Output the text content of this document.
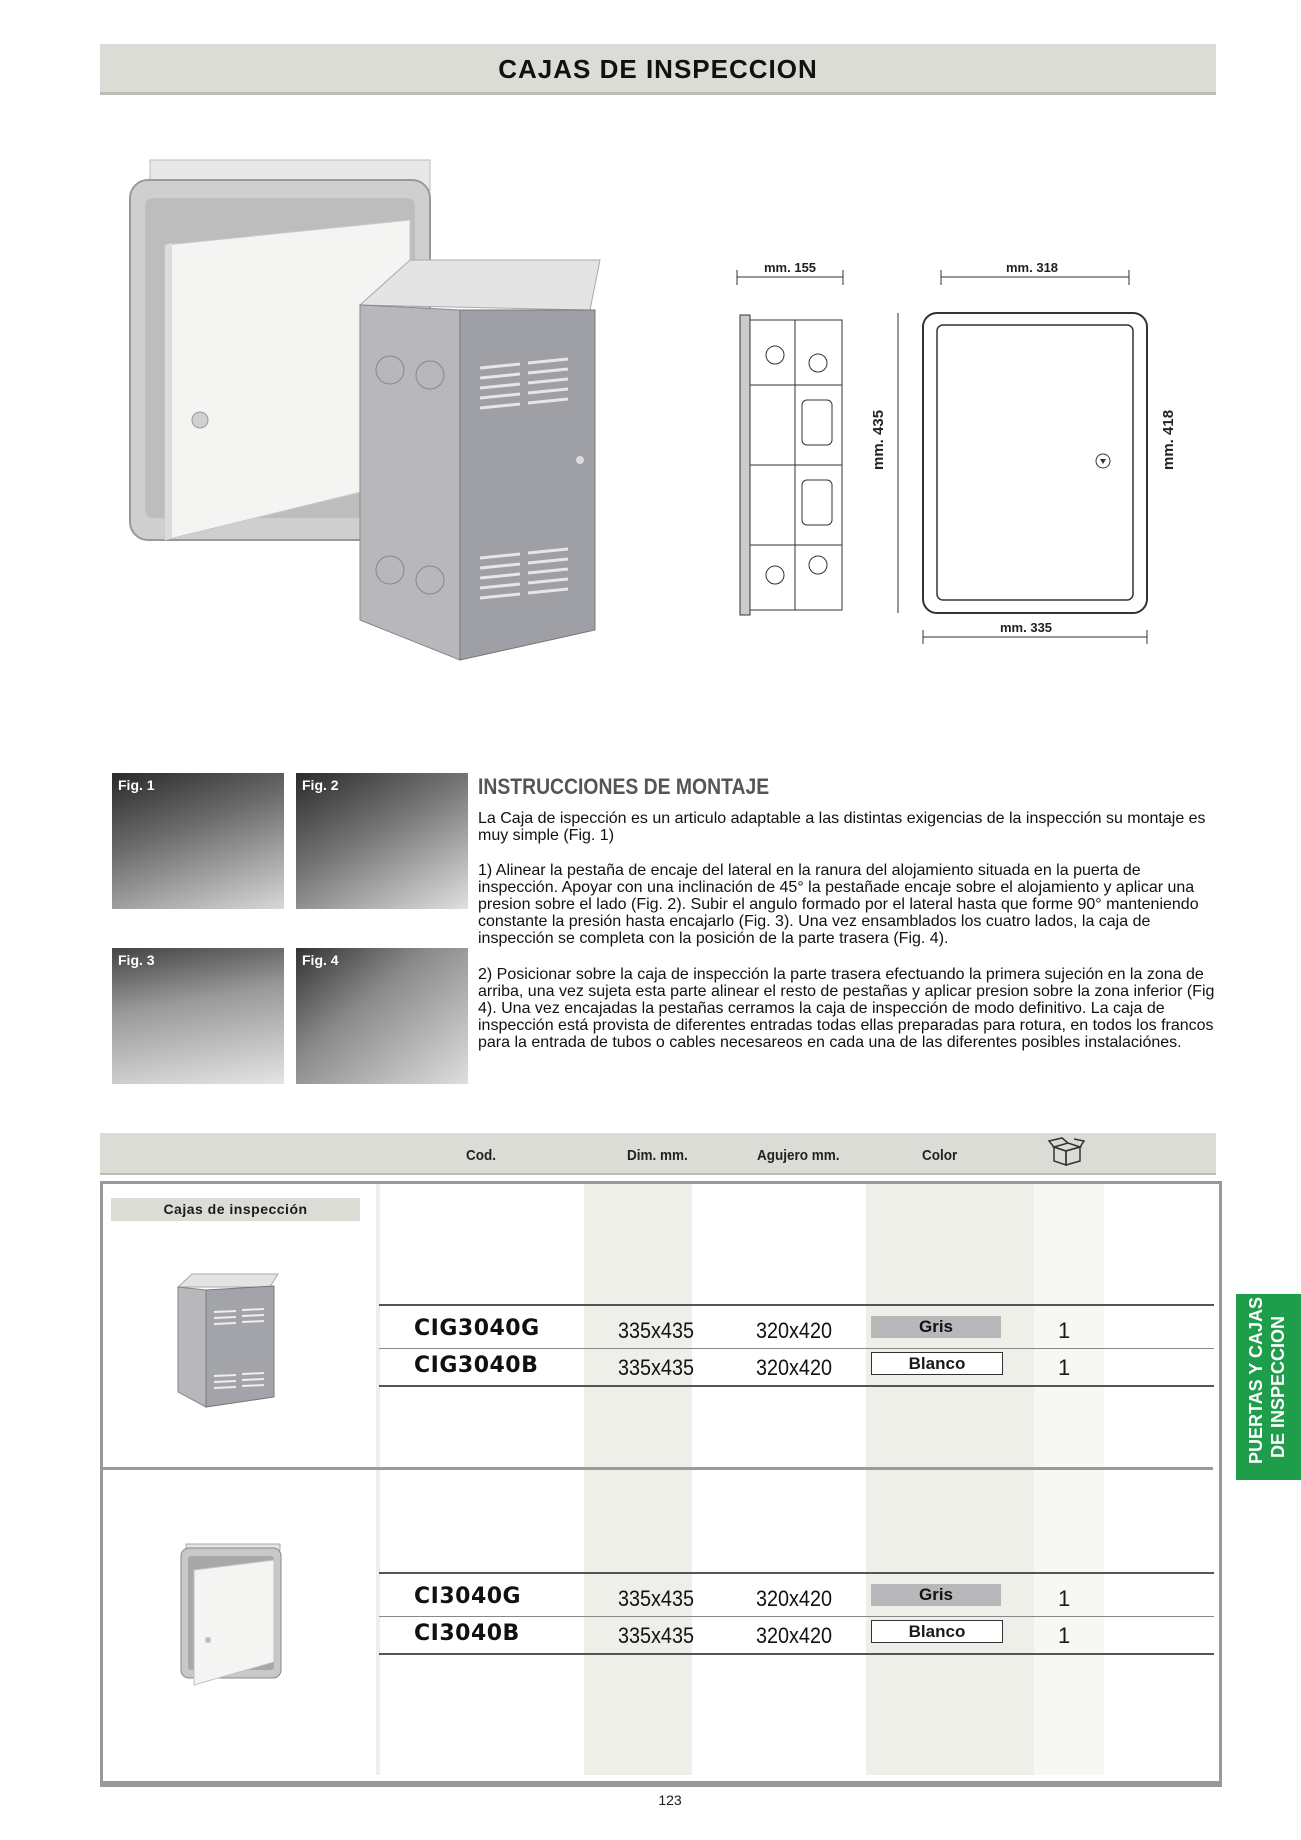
CAJAS DE INSPECCION
mm. 155	mm. 318
mm. 435	mm. 418
mm. 335
Fig. 1	Fig. 2
Fig. 3	Fig. 4
INSTRUCCIONES DE MONTAJE
La Caja de ispección es un articulo adaptable a las distintas exigencias de la inspección su montaje es muy simple (Fig. 1)
1) Alinear la pestaña de encaje del lateral en la ranura del alojamiento situada en la puerta de inspección. Apoyar con una inclinación de 45° la pestañade encaje sobre el alojamiento y aplicar una presion sobre el lado (Fig. 2). Subir el angulo formado por el lateral hasta que forme 90° manteniendo constante la presión hasta encajarlo (Fig. 3). Una vez ensamblados los cuatro lados, la caja de inspección se completa con la posición de la parte trasera (Fig. 4).
2) Posicionar sobre la caja de inspección la parte trasera efectuando la primera sujeción en la zona de arriba, una vez sujeta esta parte alinear el resto de pestañas y aplicar presion sobre la zona inferior (Fig 4). Una vez encajadas la pestañas cerramos la caja de inspección de modo definitivo. La caja de inspección está provista de diferentes entradas todas ellas preparadas para rotura, en todos los francos para la entrada de tubos o cables necesareos en cada una de las diferentes posibles instalaciónes.
Cod.	Dim. mm.	Agujero mm.	Color
Cajas de inspección
CIG3040G	335x435	320x420	Gris	1
CIG3040B	335x435	320x420	Blanco	1
CI3040G	335x435	320x420	Gris	1
CI3040B	335x435	320x420	Blanco	1
PUERTAS Y CAJAS DE INSPECCION
123
